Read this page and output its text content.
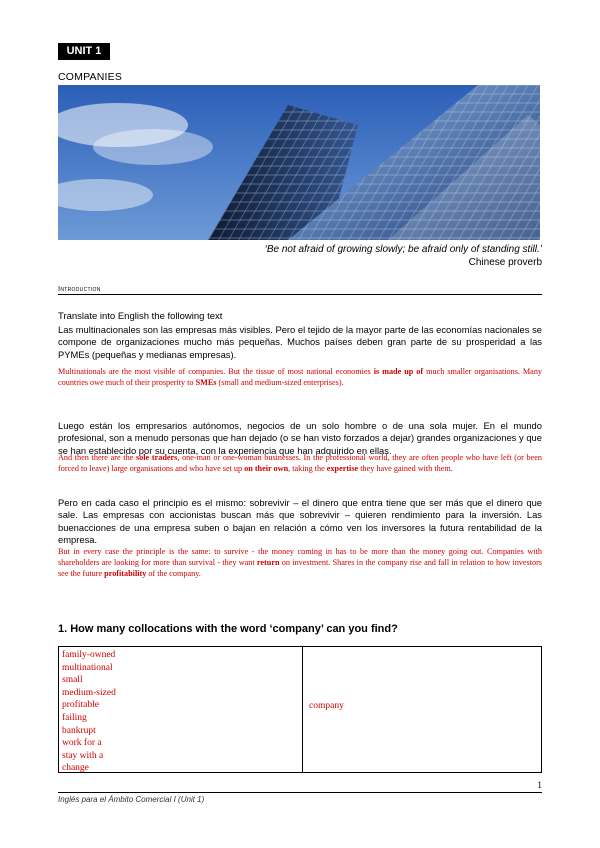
UNIT 1
COMPANIES
‘Be not afraid of growing slowly; be afraid only of standing still.’
Chinese proverb
Introduction
Translate into English the following text
Las multinacionales son las empresas más visibles. Pero el tejido de la mayor parte de las economías nacionales se compone de organizaciones mucho más pequeñas. Muchos países deben gran parte de su prosperidad a las PYMEs (pequeñas y medianas empresas).
Multinationals are the most visible of companies. But the tissue of most national economies is made up of much smaller organisations. Many countries owe much of their prosperity to SMEs (small and medium-sized enterprises).
Luego están los empresarios autónomos, negocios de un solo hombre o de una sola mujer. En el mundo profesional, son a menudo personas que han dejado (o se han visto forzados a dejar) grandes organizaciones y que se han establecido por su cuenta, con la experiencia que han adquirido en ellas.
And then there are the sole traders, one-man or one-woman businesses. In the professional world, they are often people who have left (or been forced to leave) large organisations and who have set up on their own, taking the expertise they have gained with them.
Pero en cada caso el principio es el mismo: sobrevivir – el dinero que entra tiene que ser más que el dinero que sale. Las empresas con accionistas buscan más que sobrevivir – quieren rendimiento para la inversión. Las buenacciones de una empresa suben o bajan en relación a cómo ven los inversores la futura rentabilidad de la empresa.
But in every case the principle is the same: to survive - the money coming in has to be more than the money going out. Companies with shareholders are looking for more than survival - they want return on investment. Shares in the company rise and fall in relation to how investors see the future profitability of the company.
1. How many collocations with the word ‘company’ can you find?
family-owned
multinational
small
medium-sized
profitable
failing
bankrupt
work for a
stay with a
change
company
1
Inglés para el Ámbito Comercial I (Unit 1)
